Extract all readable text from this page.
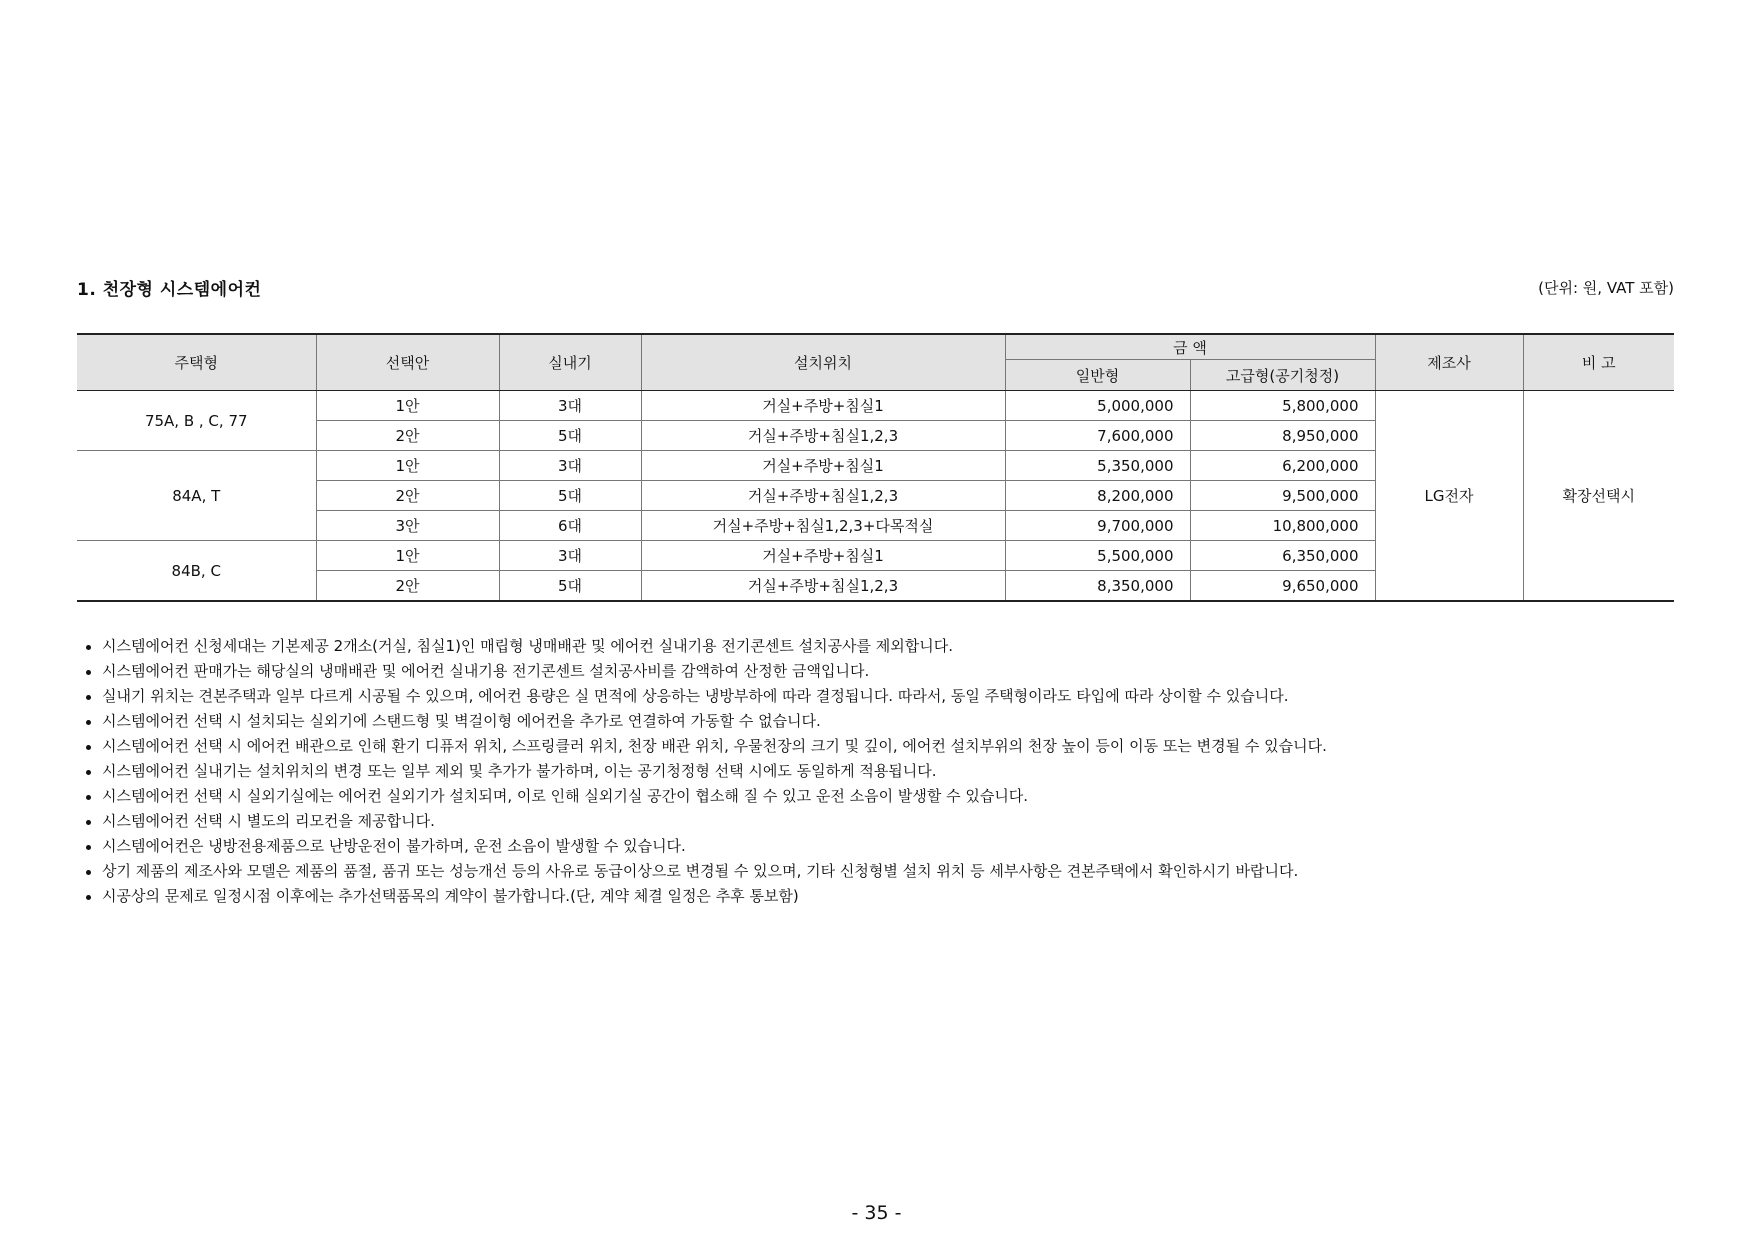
1. 천장형 시스템에어컨	(단위: 원, VAT 포함)
주택형	선택안	실내기	설치위치	금 액		제조사	비 고
				일반형	고급형(공기청정)		
75A, B , C, 77	1안	3대	거실+주방+침실1	5,000,000	5,800,000	LG전자	확장선택시
	2안	5대	거실+주방+침실1,2,3	7,600,000	8,950,000		
84A, T	1안	3대	거실+주방+침실1	5,350,000	6,200,000		
	2안	5대	거실+주방+침실1,2,3	8,200,000	9,500,000		
	3안	6대	거실+주방+침실1,2,3+다목적실	9,700,000	10,800,000		
84B, C	1안	3대	거실+주방+침실1	5,500,000	6,350,000		
	2안	5대	거실+주방+침실1,2,3	8,350,000	9,650,000		
시스템에어컨 신청세대는 기본제공 2개소(거실, 침실1)인 매립형 냉매배관 및 에어컨 실내기용 전기콘센트 설치공사를 제외합니다.
시스템에어컨 판매가는 해당실의 냉매배관 및 에어컨 실내기용 전기콘센트 설치공사비를 감액하여 산정한 금액입니다.
실내기 위치는 견본주택과 일부 다르게 시공될 수 있으며, 에어컨 용량은 실 면적에 상응하는 냉방부하에 따라 결정됩니다. 따라서, 동일 주택형이라도 타입에 따라 상이할 수 있습니다.
시스템에어컨 선택 시 설치되는 실외기에 스탠드형 및 벽걸이형 에어컨을 추가로 연결하여 가동할 수 없습니다.
시스템에어컨 선택 시 에어컨 배관으로 인해 환기 디퓨저 위치, 스프링클러 위치, 천장 배관 위치, 우물천장의 크기 및 깊이, 에어컨 설치부위의 천장 높이 등이 이동 또는 변경될 수 있습니다.
시스템에어컨 실내기는 설치위치의 변경 또는 일부 제외 및 추가가 불가하며, 이는 공기청정형 선택 시에도 동일하게 적용됩니다.
시스템에어컨 선택 시 실외기실에는 에어컨 실외기가 설치되며, 이로 인해 실외기실 공간이 협소해 질 수 있고 운전 소음이 발생할 수 있습니다.
시스템에어컨 선택 시 별도의 리모컨을 제공합니다.
시스템에어컨은 냉방전용제품으로 난방운전이 불가하며, 운전 소음이 발생할 수 있습니다.
상기 제품의 제조사와 모델은 제품의 품절, 품귀 또는 성능개선 등의 사유로 동급이상으로 변경될 수 있으며, 기타 신청형별 설치 위치 등 세부사항은 견본주택에서 확인하시기 바랍니다.
시공상의 문제로 일정시점 이후에는 추가선택품목의 계약이 불가합니다.(단, 계약 체결 일정은 추후 통보함)
- 35 -
